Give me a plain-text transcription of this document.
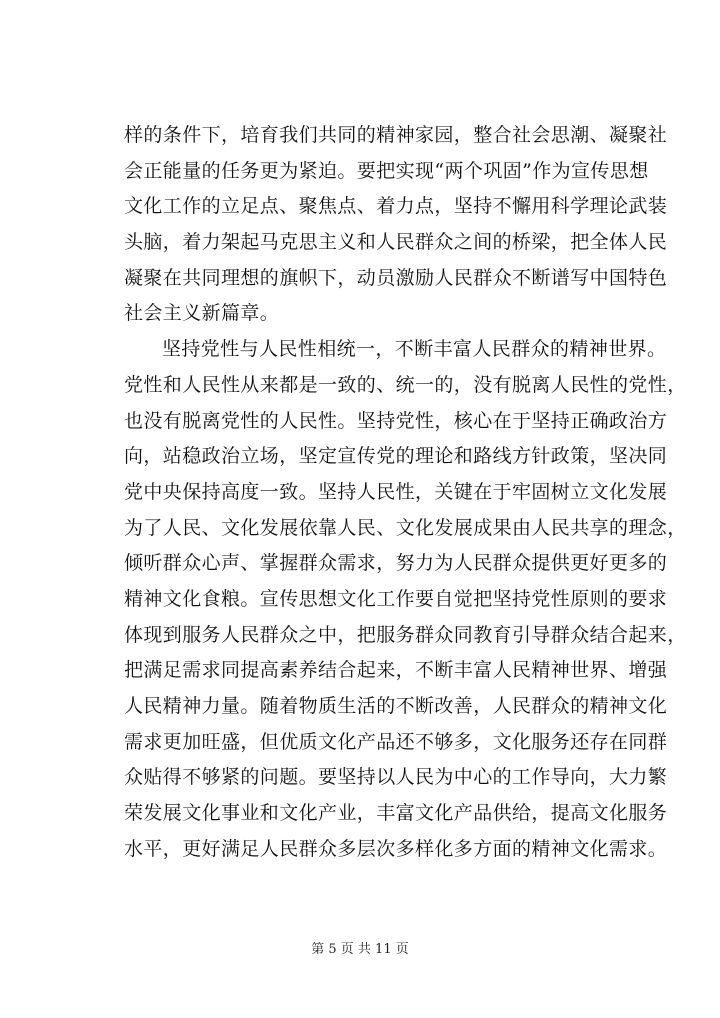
样的条件下，培育我们共同的精神家园，整合社会思潮、凝聚社
会正能量的任务更为紧迫。要把实现“两个巩固”作为宣传思想
文化工作的立足点、聚焦点、着力点，坚持不懈用科学理论武装
头脑，着力架起马克思主义和人民群众之间的桥梁，把全体人民
凝聚在共同理想的旗帜下，动员激励人民群众不断谱写中国特色
社会主义新篇章。
坚持党性与人民性相统一，不断丰富人民群众的精神世界。
党性和人民性从来都是一致的、统一的，没有脱离人民性的党性，
也没有脱离党性的人民性。坚持党性，核心在于坚持正确政治方
向，站稳政治立场，坚定宣传党的理论和路线方针政策，坚决同
党中央保持高度一致。坚持人民性，关键在于牢固树立文化发展
为了人民、文化发展依靠人民、文化发展成果由人民共享的理念，
倾听群众心声、掌握群众需求，努力为人民群众提供更好更多的
精神文化食粮。宣传思想文化工作要自觉把坚持党性原则的要求
体现到服务人民群众之中，把服务群众同教育引导群众结合起来，
把满足需求同提高素养结合起来，不断丰富人民精神世界、增强
人民精神力量。随着物质生活的不断改善，人民群众的精神文化
需求更加旺盛，但优质文化产品还不够多，文化服务还存在同群
众贴得不够紧的问题。要坚持以人民为中心的工作导向，大力繁
荣发展文化事业和文化产业，丰富文化产品供给，提高文化服务
水平，更好满足人民群众多层次多样化多方面的精神文化需求。
第 5 页 共 11 页
